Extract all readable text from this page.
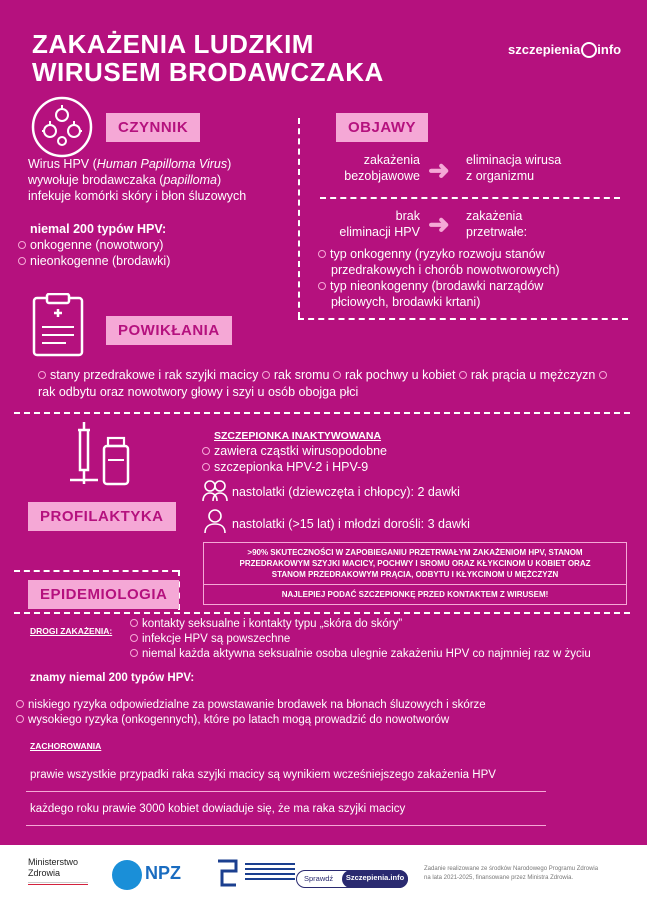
ZAKAŻENIA LUDZKIM
WIRUSEM BRODAWCZAKA
szczepienia info
CZYNNIK
Wirus HPV (Human Papilloma Virus)
wywołuje brodawczaka (papilloma)
infekuje komórki skóry i błon śluzowych
niemal 200 typów HPV:
onkogenne (nowotwory)
nieonkogenne (brodawki)
OBJAWY
zakażenia
bezobjawowe ➜ eliminacja wirusa
z organizmu
brak
eliminacji HPV ➜ zakażenia
przetrwałe:
typ onkogenny (ryzyko rozwoju stanów
przedrakowych i chorób nowotworowych)
typ nieonkogenny (brodawki narządów
płciowych, brodawki krtani)
POWIKŁANIA
stany przedrakowe i rak szyjki macicy rak sromu rak pochwy u kobiet rak prącia u mężczyzn rak odbytu oraz nowotwory głowy i szyi u osób obojga płci
PROFILAKTYKA
SZCZEPIONKA INAKTYWOWANA
zawiera cząstki wirusopodobne
szczepionka HPV-2 i HPV-9
nastolatki (dziewczęta i chłopcy): 2 dawki
nastolatki (>15 lat) i młodzi dorośli: 3 dawki
>90% SKUTECZNOŚCI W ZAPOBIEGANIU PRZETRWAŁYM ZAKAŻENIOM HPV, STANOM
PRZEDRAKOWYM SZYJKI MACICY, POCHWY I SROMU ORAZ KŁYKCINOM U KOBIET ORAZ
STANOM PRZEDRAKOWYM PRĄCIA, ODBYTU I KŁYKCINOM U MĘŻCZYZN
NAJLEPIEJ PODAĆ SZCZEPIONKĘ PRZED KONTAKTEM Z WIRUSEM!
EPIDEMIOLOGIA
DROGI ZAKAŻENIA:
kontakty seksualne i kontakty typu „skóra do skóry”
infekcje HPV są powszechne
niemal każda aktywna seksualnie osoba ulegnie zakażeniu HPV co najmniej raz w życiu
znamy niemal 200 typów HPV:
niskiego ryzyka odpowiedzialne za powstawanie brodawek na błonach śluzowych i skórze
wysokiego ryzyka (onkogennych), które po latach mogą prowadzić do nowotworów
ZACHOROWANIA
prawie wszystkie przypadki raka szyjki macicy są wynikiem wcześniejszego zakażenia HPV
każdego roku prawie 3000 kobiet dowiaduje się, że ma raka szyjki macicy
Ministerstwo
Zdrowia	NPZ	Sprawdź	Szczepienia.info
Zadanie realizowane ze środków Narodowego Programu Zdrowia
na lata 2021-2025, finansowane przez Ministra Zdrowia.
